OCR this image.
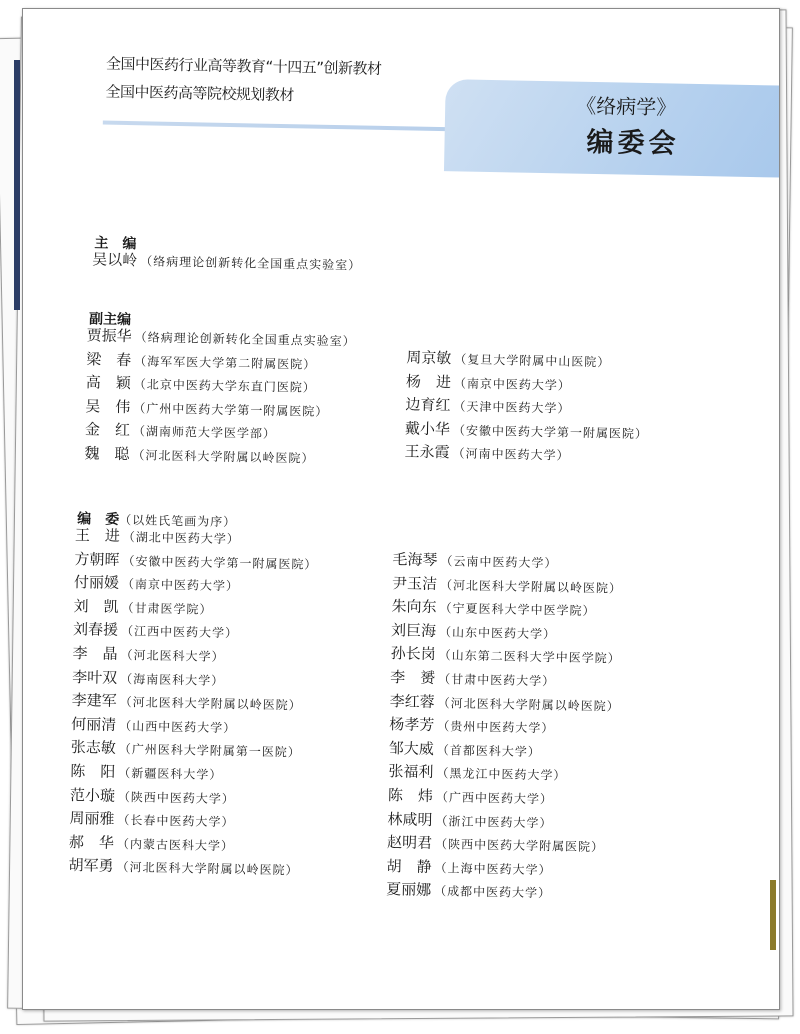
全国中医药行业高等教育“十四五”创新教材
全国中医药高等院校规划教材
《络病学》
编委会
主　编
吴以岭 （络病理论创新转化全国重点实验室）
副主编
贾振华 （络病理论创新转化全国重点实验室）
梁　春 （海军军医大学第二附属医院）
高　颖 （北京中医药大学东直门医院）
吴　伟 （广州中医药大学第一附属医院）
金　红 （湖南师范大学医学部）
魏　聪 （河北医科大学附属以岭医院）
周京敏 （复旦大学附属中山医院）
杨　进 （南京中医药大学）
边育红 （天津中医药大学）
戴小华 （安徽中医药大学第一附属医院）
王永霞 （河南中医药大学）
编　委（以姓氏笔画为序）
王　进 （湖北中医药大学）
方朝晖 （安徽中医药大学第一附属医院）
付丽媛 （南京中医药大学）
刘　凯 （甘肃医学院）
刘春援 （江西中医药大学）
李　晶 （河北医科大学）
李叶双 （海南医科大学）
李建军 （河北医科大学附属以岭医院）
何丽清 （山西中医药大学）
张志敏 （广州医科大学附属第一医院）
陈　阳 （新疆医科大学）
范小璇 （陕西中医药大学）
周丽雅 （长春中医药大学）
郝　华 （内蒙古医科大学）
胡军勇 （河北医科大学附属以岭医院）
毛海琴 （云南中医药大学）
尹玉洁 （河北医科大学附属以岭医院）
朱向东 （宁夏医科大学中医学院）
刘巨海 （山东中医药大学）
孙长岗 （山东第二医科大学中医学院）
李　赟 （甘肃中医药大学）
李红蓉 （河北医科大学附属以岭医院）
杨孝芳 （贵州中医药大学）
邹大威 （首都医科大学）
张福利 （黑龙江中医药大学）
陈　炜 （广西中医药大学）
林咸明 （浙江中医药大学）
赵明君 （陕西中医药大学附属医院）
胡　静 （上海中医药大学）
夏丽娜 （成都中医药大学）
